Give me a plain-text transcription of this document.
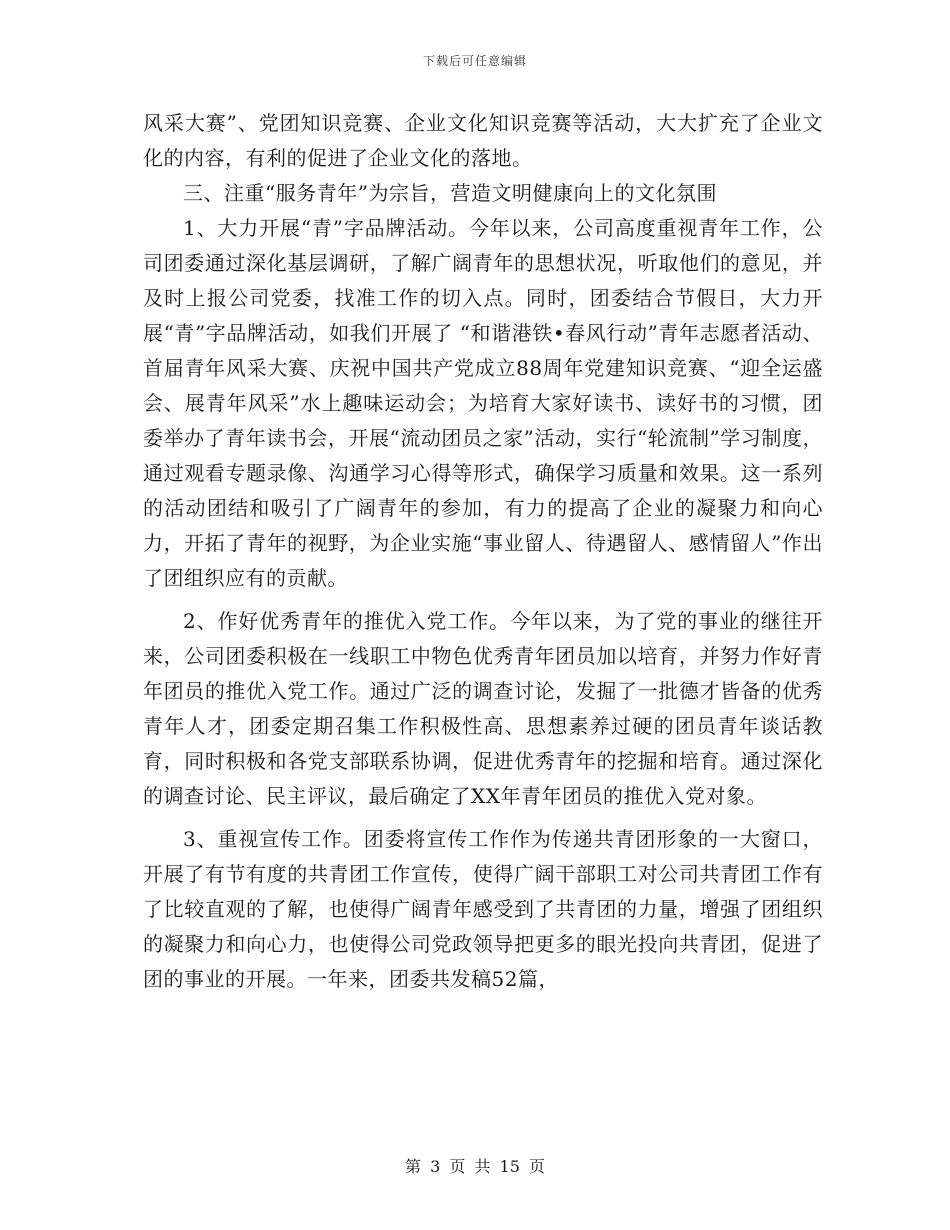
下载后可任意编辑

风采大赛”、党团知识竞赛、企业文化知识竞赛等活动，大大扩充了企业文化的内容，有利的促进了企业文化的落地。

三、注重“服务青年”为宗旨，营造文明健康向上的文化氛围

1、大力开展“青”字品牌活动。今年以来，公司高度重视青年工作，公司团委通过深化基层调研，了解广阔青年的思想状况，听取他们的意见，并及时上报公司党委，找准工作的切入点。同时，团委结合节假日，大力开展“青”字品牌活动，如我们开展了 “和谐港铁•春风行动”青年志愿者活动、首届青年风采大赛、庆祝中国共产党成立88周年党建知识竞赛、“迎全运盛会、展青年风采”水上趣味运动会；为培育大家好读书、读好书的习惯，团委举办了青年读书会，开展“流动团员之家”活动，实行“轮流制”学习制度，通过观看专题录像、沟通学习心得等形式，确保学习质量和效果。这一系列的活动团结和吸引了广阔青年的参加，有力的提高了企业的凝聚力和向心力，开拓了青年的视野，为企业实施“事业留人、待遇留人、感情留人”作出了团组织应有的贡献。

2、作好优秀青年的推优入党工作。今年以来，为了党的事业的继往开来，公司团委积极在一线职工中物色优秀青年团员加以培育，并努力作好青年团员的推优入党工作。通过广泛的调查讨论，发掘了一批德才皆备的优秀青年人才，团委定期召集工作积极性高、思想素养过硬的团员青年谈话教育，同时积极和各党支部联系协调，促进优秀青年的挖掘和培育。通过深化的调查讨论、民主评议，最后确定了XX年青年团员的推优入党对象。

3、重视宣传工作。团委将宣传工作作为传递共青团形象的一大窗口，开展了有节有度的共青团工作宣传，使得广阔干部职工对公司共青团工作有了比较直观的了解，也使得广阔青年感受到了共青团的力量，增强了团组织的凝聚力和向心力，也使得公司党政领导把更多的眼光投向共青团，促进了团的事业的开展。一年来，团委共发稿52篇，

第 3 页 共 15 页
